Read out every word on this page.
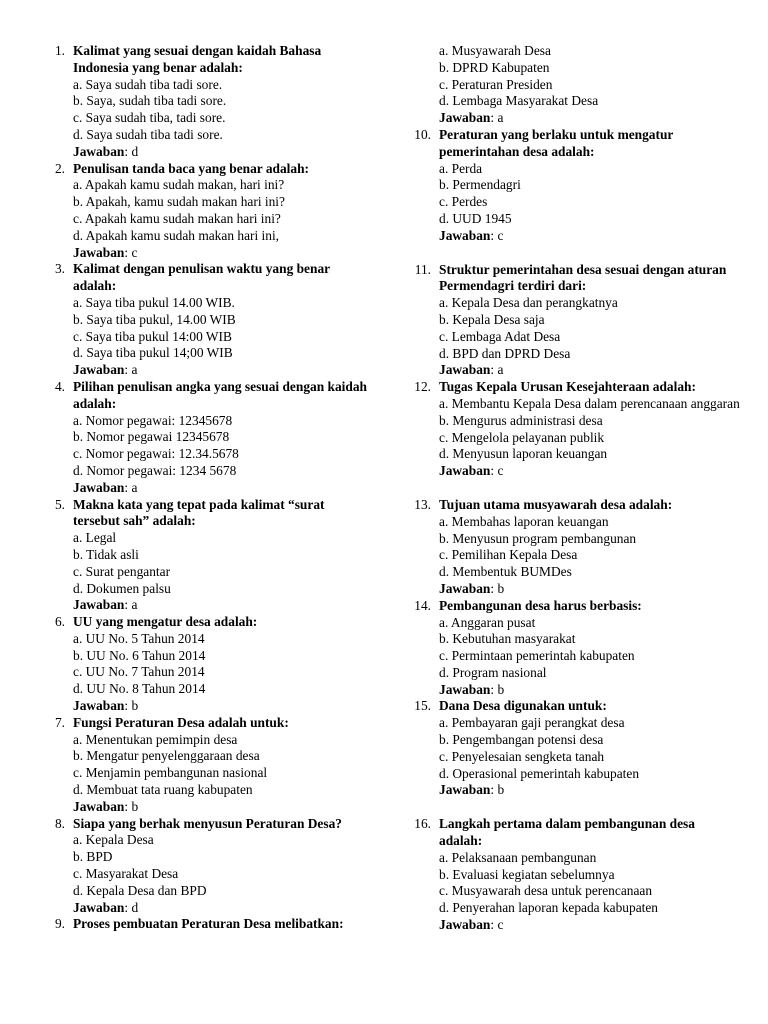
1. Kalimat yang sesuai dengan kaidah Bahasa Indonesia yang benar adalah:
a. Saya sudah tiba tadi sore.
b. Saya, sudah tiba tadi sore.
c. Saya sudah tiba, tadi sore.
d. Saya sudah tiba tadi sore.
Jawaban: d
2. Penulisan tanda baca yang benar adalah:
a. Apakah kamu sudah makan, hari ini?
b. Apakah, kamu sudah makan hari ini?
c. Apakah kamu sudah makan hari ini?
d. Apakah kamu sudah makan hari ini,
Jawaban: c
3. Kalimat dengan penulisan waktu yang benar adalah:
a. Saya tiba pukul 14.00 WIB.
b. Saya tiba pukul, 14.00 WIB
c. Saya tiba pukul 14:00 WIB
d. Saya tiba pukul 14;00 WIB
Jawaban: a
4. Pilihan penulisan angka yang sesuai dengan kaidah adalah:
a. Nomor pegawai: 12345678
b. Nomor pegawai 12345678
c. Nomor pegawai: 12.34.5678
d. Nomor pegawai: 1234 5678
Jawaban: a
5. Makna kata yang tepat pada kalimat “surat tersebut sah” adalah:
a. Legal
b. Tidak asli
c. Surat pengantar
d. Dokumen palsu
Jawaban: a
6. UU yang mengatur desa adalah:
a. UU No. 5 Tahun 2014
b. UU No. 6 Tahun 2014
c. UU No. 7 Tahun 2014
d. UU No. 8 Tahun 2014
Jawaban: b
7. Fungsi Peraturan Desa adalah untuk:
a. Menentukan pemimpin desa
b. Mengatur penyelenggaraan desa
c. Menjamin pembangunan nasional
d. Membuat tata ruang kabupaten
Jawaban: b
8. Siapa yang berhak menyusun Peraturan Desa?
a. Kepala Desa
b. BPD
c. Masyarakat Desa
d. Kepala Desa dan BPD
Jawaban: d
9. Proses pembuatan Peraturan Desa melibatkan:
a. Musyawarah Desa
b. DPRD Kabupaten
c. Peraturan Presiden
d. Lembaga Masyarakat Desa
Jawaban: a
10. Peraturan yang berlaku untuk mengatur pemerintahan desa adalah:
a. Perda
b. Permendagri
c. Perdes
d. UUD 1945
Jawaban: c
11. Struktur pemerintahan desa sesuai dengan aturan Permendagri terdiri dari:
a. Kepala Desa dan perangkatnya
b. Kepala Desa saja
c. Lembaga Adat Desa
d. BPD dan DPRD Desa
Jawaban: a
12. Tugas Kepala Urusan Kesejahteraan adalah:
a. Membantu Kepala Desa dalam perencanaan anggaran
b. Mengurus administrasi desa
c. Mengelola pelayanan publik
d. Menyusun laporan keuangan
Jawaban: c
13. Tujuan utama musyawarah desa adalah:
a. Membahas laporan keuangan
b. Menyusun program pembangunan
c. Pemilihan Kepala Desa
d. Membentuk BUMDes
Jawaban: b
14. Pembangunan desa harus berbasis:
a. Anggaran pusat
b. Kebutuhan masyarakat
c. Permintaan pemerintah kabupaten
d. Program nasional
Jawaban: b
15. Dana Desa digunakan untuk:
a. Pembayaran gaji perangkat desa
b. Pengembangan potensi desa
c. Penyelesaian sengketa tanah
d. Operasional pemerintah kabupaten
Jawaban: b
16. Langkah pertama dalam pembangunan desa adalah:
a. Pelaksanaan pembangunan
b. Evaluasi kegiatan sebelumnya
c. Musyawarah desa untuk perencanaan
d. Penyerahan laporan kepada kabupaten
Jawaban: c
